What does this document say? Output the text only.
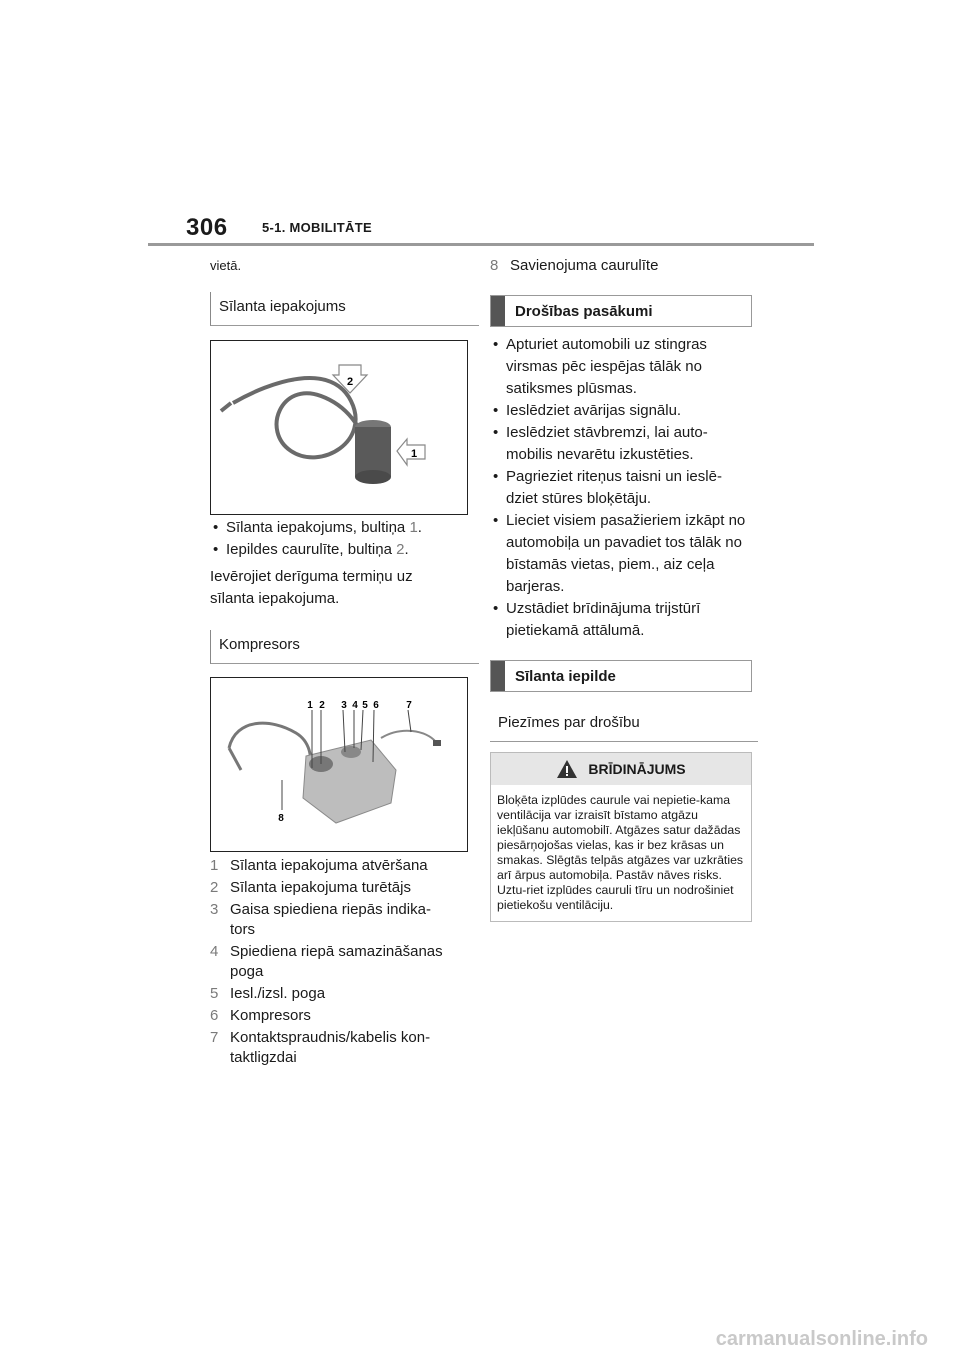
306	5-1. MOBILITĀTE
vietā.
Sīlanta iepakojums
2
1
• Sīlanta iepakojums, bultiņa 1.
• Iepildes caurulīte, bultiņa 2.
Ievērojiet derīguma termiņu uz sīlanta iepakojuma.
Kompresors
1 2 3 4 5 6	7
8
1 Sīlanta iepakojuma atvēršana
2 Sīlanta iepakojuma turētājs
3 Gaisa spiediena riepās indika-tors
4 Spiediena riepā samazināšanas poga
5 Iesl./izsl. poga
6 Kompresors
7 Kontaktspraudnis/kabelis kon-taktligzdai
8 Savienojuma caurulīte
Drošības pasākumi
• Apturiet automobili uz stingras virsmas pēc iespējas tālāk no satiksmes plūsmas.
• Ieslēdziet avārijas signālu.
• Ieslēdziet stāvbremzi, lai auto-mobilis nevarētu izkustēties.
• Pagrieziet riteņus taisni un ieslē-dziet stūres bloķētāju.
• Lieciet visiem pasažieriem izkāpt no automobiļa un pavadiet tos tālāk no bīstamās vietas, piem., aiz ceļa barjeras.
• Uzstādiet brīdinājuma trijstūrī pietiekamā attālumā.
Sīlanta iepilde
Piezīmes par drošību
BRĪDINĀJUMS
Bloķēta izplūdes caurule vai nepietie-kama ventilācija var izraisīt bīstamo atgāzu iekļūšanu automobilī. Atgāzes satur dažādas piesārņojošas vielas, kas ir bez krāsas un smakas. Slēgtās telpās atgāzes var uzkrāties arī ārpus automobiļa. Pastāv nāves risks. Uztu-riet izplūdes cauruli tīru un nodrošiniet pietiekošu ventilāciju.
carmanualsonline.info
